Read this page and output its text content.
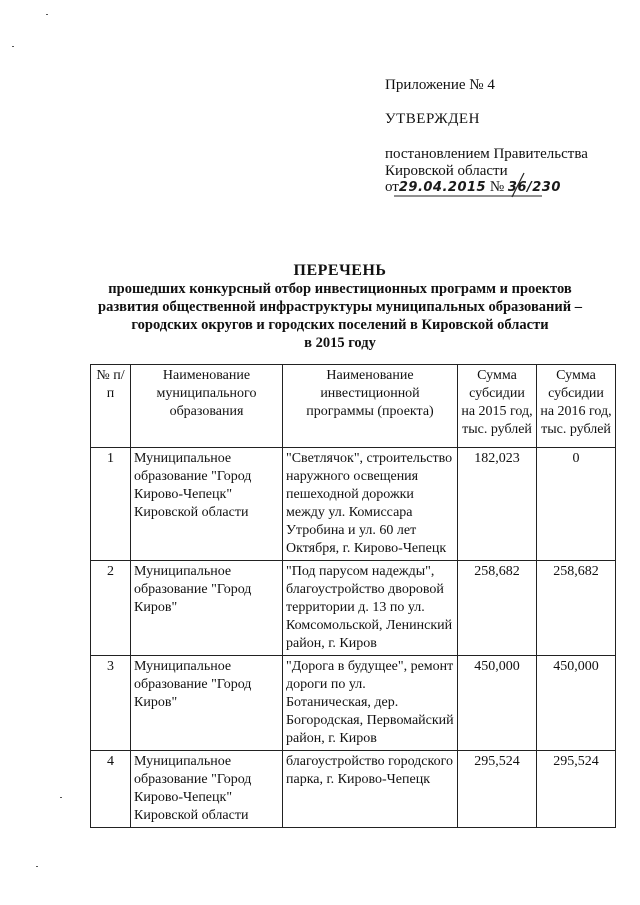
Приложение № 4
УТВЕРЖДЕН
постановлением Правительства
Кировской области
от29.04.2015 № 36/230
ПЕРЕЧЕНЬ
прошедших конкурсный отбор инвестиционных программ и проектов
развития общественной инфраструктуры муниципальных образований –
городских округов и городских поселений в Кировской области
в 2015 году
№ п/п	Наименование муниципального образования	Наименование инвестиционной программы (проекта)	Сумма субсидии на 2015 год, тыс. рублей	Сумма субсидии на 2016 год, тыс. рублей
1	Муниципальное образование "Город Кирово-Чепецк" Кировской области	"Светлячок", строительство наружного освещения пешеходной дорожки между ул. Комиссара Утробина и ул. 60 лет Октября, г. Кирово-Чепецк	182,023	0
2	Муниципальное образование "Город Киров"	"Под парусом надежды", благоустройство дворовой территории д. 13 по ул. Комсомольской, Ленинский район, г. Киров	258,682	258,682
3	Муниципальное образование "Город Киров"	"Дорога в будущее", ремонт дороги по ул. Ботаническая, дер. Богородская, Первомайский район, г. Киров	450,000	450,000
4	Муниципальное образование "Город Кирово-Чепецк" Кировской области	благоустройство городского парка, г. Кирово-Чепецк	295,524	295,524
